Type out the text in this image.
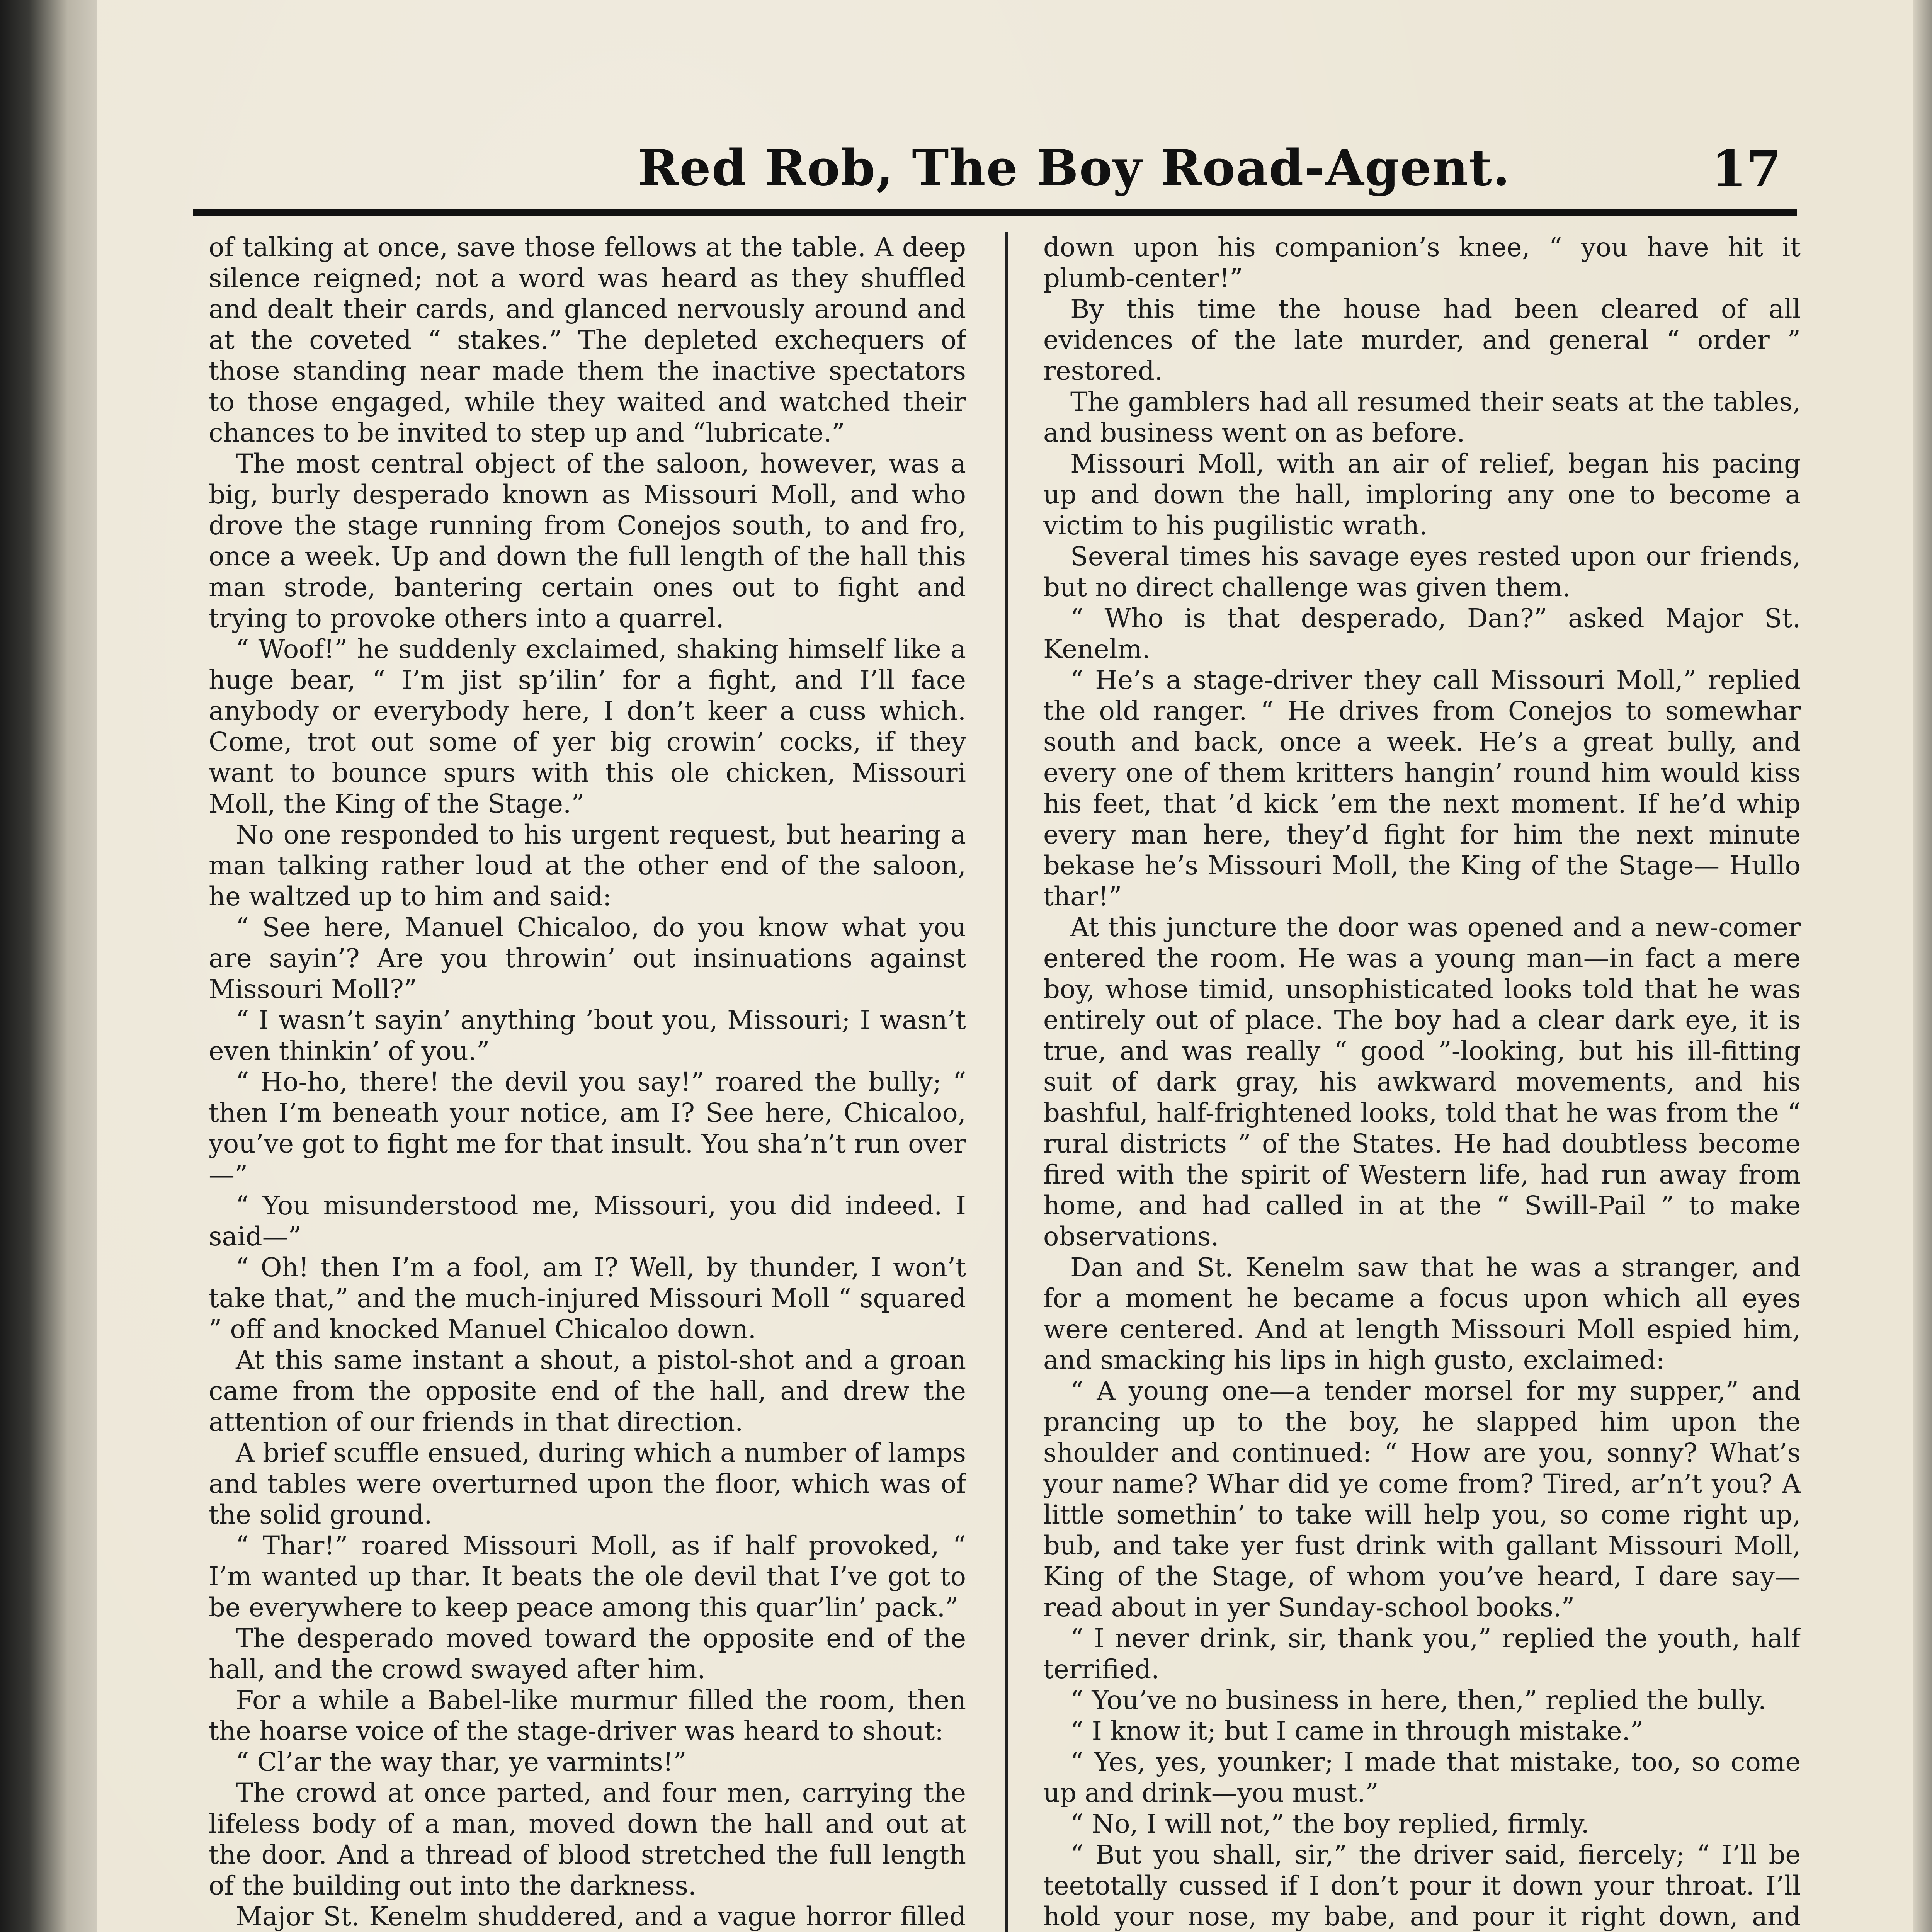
Red Rob, The Boy Road-Agent.	17

of talking at once, save those fellows at the table. A deep silence reigned; not a word was heard as they shuffled and dealt their cards, and glanced nervously around and at the coveted “ stakes.” The depleted exchequers of those standing near made them the inactive spectators to those engaged, while they waited and watched their chances to be invited to step up and “lubricate.”

The most central object of the saloon, however, was a big, burly desperado known as Missouri Moll, and who drove the stage running from Conejos south, to and fro, once a week. Up and down the full length of the hall this man strode, bantering certain ones out to fight and trying to provoke others into a quarrel.

“ Woof!” he suddenly exclaimed, shaking himself like a huge bear, “ I’m jist sp’ilin’ for a fight, and I’ll face anybody or everybody here, I don’t keer a cuss which. Come, trot out some of yer big crowin’ cocks, if they want to bounce spurs with this ole chicken, Missouri Moll, the King of the Stage.”

No one responded to his urgent request, but hearing a man talking rather loud at the other end of the saloon, he waltzed up to him and said:

“ See here, Manuel Chicaloo, do you know what you are sayin’? Are you throwin’ out insinuations against Missouri Moll?”

“ I wasn’t sayin’ anything ’bout you, Missouri; I wasn’t even thinkin’ of you.”

“ Ho-ho, there! the devil you say!” roared the bully; “ then I’m beneath your notice, am I? See here, Chicaloo, you’ve got to fight me for that insult. You sha’n’t run over—”

“ You misunderstood me, Missouri, you did indeed. I said—”

“ Oh! then I’m a fool, am I? Well, by thunder, I won’t take that,” and the much-injured Missouri Moll “ squared ” off and knocked Manuel Chicaloo down.

At this same instant a shout, a pistol-shot and a groan came from the opposite end of the hall, and drew the attention of our friends in that direction.

A brief scuffle ensued, during which a number of lamps and tables were overturned upon the floor, which was of the solid ground.

“ Thar!” roared Missouri Moll, as if half provoked, “ I’m wanted up thar. It beats the ole devil that I’ve got to be everywhere to keep peace among this quar’lin’ pack.”

The desperado moved toward the opposite end of the hall, and the crowd swayed after him.

For a while a Babel-like murmur filled the room, then the hoarse voice of the stage-driver was heard to shout:

“ Cl’ar the way thar, ye varmints!”

The crowd at once parted, and four men, carrying the lifeless body of a man, moved down the hall and out at the door. And a thread of blood stretched the full length of the building out into the darkness.

Major St. Kenelm shuddered, and a vague horror filled

down upon his companion’s knee, “ you have hit it plumb-center!”

By this time the house had been cleared of all evidences of the late murder, and general “ order ” restored.

The gamblers had all resumed their seats at the tables, and business went on as before.

Missouri Moll, with an air of relief, began his pacing up and down the hall, imploring any one to become a victim to his pugilistic wrath.

Several times his savage eyes rested upon our friends, but no direct challenge was given them.

“ Who is that desperado, Dan?” asked Major St. Kenelm.

“ He’s a stage-driver they call Missouri Moll,” replied the old ranger. “ He drives from Conejos to somewhar south and back, once a week. He’s a great bully, and every one of them kritters hangin’ round him would kiss his feet, that ’d kick ’em the next moment. If he’d whip every man here, they’d fight for him the next minute bekase he’s Missouri Moll, the King of the Stage— Hullo thar!”

At this juncture the door was opened and a new-comer entered the room. He was a young man—in fact a mere boy, whose timid, unsophisticated looks told that he was entirely out of place. The boy had a clear dark eye, it is true, and was really “ good ”-looking, but his ill-fitting suit of dark gray, his awkward movements, and his bashful, half-frightened looks, told that he was from the “ rural districts ” of the States. He had doubtless become fired with the spirit of Western life, had run away from home, and had called in at the “ Swill-Pail ” to make observations.

Dan and St. Kenelm saw that he was a stranger, and for a moment he became a focus upon which all eyes were centered. And at length Missouri Moll espied him, and smacking his lips in high gusto, exclaimed:

“ A young one—a tender morsel for my supper,” and prancing up to the boy, he slapped him upon the shoulder and continued: “ How are you, sonny? What’s your name? Whar did ye come from? Tired, ar’n’t you? A little somethin’ to take will help you, so come right up, bub, and take yer fust drink with gallant Missouri Moll, King of the Stage, of whom you’ve heard, I dare say—read about in yer Sunday-school books.”

“ I never drink, sir, thank you,” replied the youth, half terrified.

“ You’ve no business in here, then,” replied the bully.

“ I know it; but I came in through mistake.”

“ Yes, yes, younker; I made that mistake, too, so come up and drink—you must.”

“ No, I will not,” the boy replied, firmly.

“ But you shall, sir,” the driver said, fiercely; “ I’ll be teetotally cussed if I don’t pour it down your throat. I’ll hold your nose, my babe, and pour it right down, and
